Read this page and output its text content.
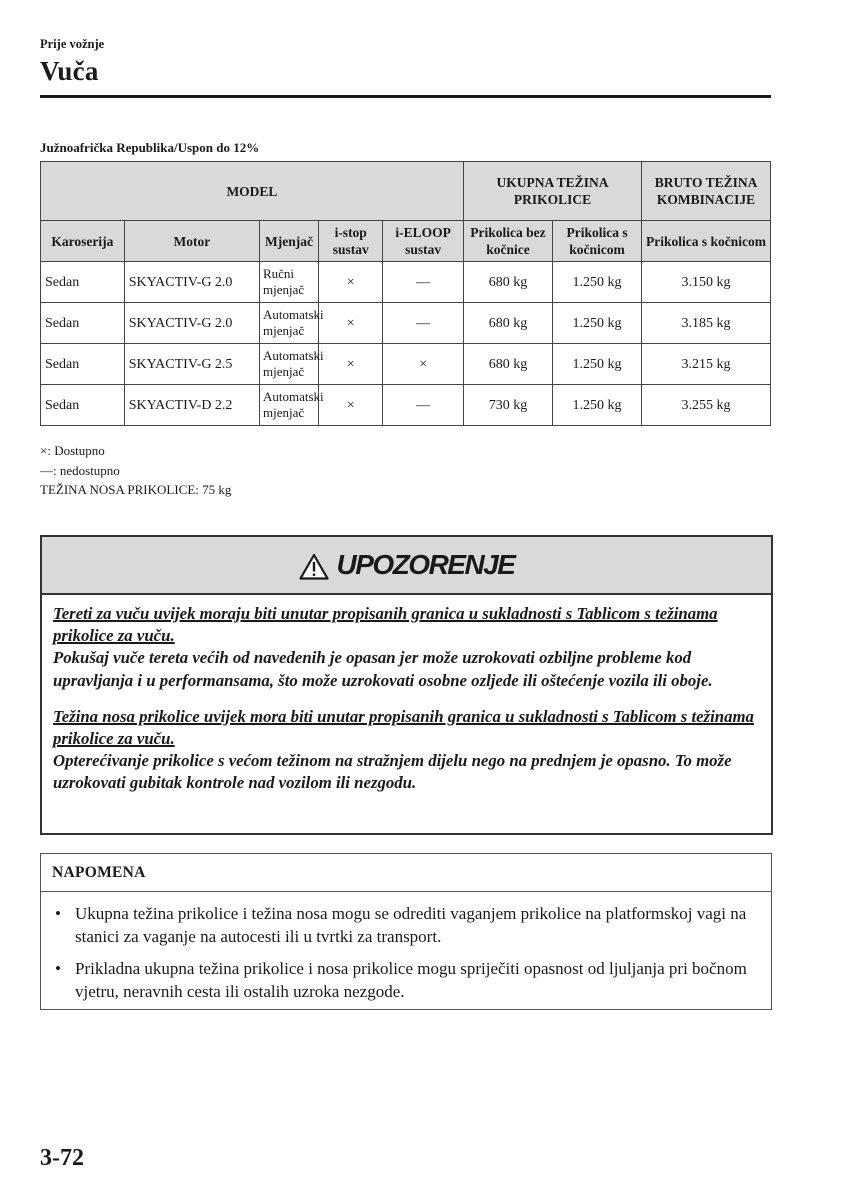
Prije vožnje
Vuča
Južnoafrička Republika/Uspon do 12%
MODEL					UKUPNA TEŽINA PRIKOLICE		BRUTO TEŽINA KOMBINACIJE
Karoserija	Motor	Mjenjač	i-stop sustav	i-ELOOP sustav	Prikolica bez kočnice	Prikolica s kočnicom	Prikolica s kočnicom
Sedan	SKYACTIV-G 2.0	Ručni mjenjač	×	—	680 kg	1.250 kg	3.150 kg
Sedan	SKYACTIV-G 2.0	Automatski mjenjač	×	—	680 kg	1.250 kg	3.185 kg
Sedan	SKYACTIV-G 2.5	Automatski mjenjač	×	×	680 kg	1.250 kg	3.215 kg
Sedan	SKYACTIV-D 2.2	Automatski mjenjač	×	—	730 kg	1.250 kg	3.255 kg
×: Dostupno
—: nedostupno
TEŽINA NOSA PRIKOLICE: 75 kg
UPOZORENJE

Tereti za vuču uvijek moraju biti unutar propisanih granica u sukladnosti s Tablicom s težinama prikolice za vuču.

Pokušaj vuče tereta većih od navedenih je opasan jer može uzrokovati ozbiljne probleme kod upravljanja i u performansama, što može uzrokovati osobne ozljede ili oštećenje vozila ili oboje.

Težina nosa prikolice uvijek mora biti unutar propisanih granica u sukladnosti s Tablicom s težinama prikolice za vuču.

Opterećivanje prikolice s većom težinom na stražnjem dijelu nego na prednjem je opasno. To može uzrokovati gubitak kontrole nad vozilom ili nezgodu.

NAPOMENA
• Ukupna težina prikolice i težina nosa mogu se odrediti vaganjem prikolice na platformskoj vagi na stanici za vaganje na autocesti ili u tvrtki za transport.
• Prikladna ukupna težina prikolice i nosa prikolice mogu spriječiti opasnost od ljuljanja pri bočnom vjetru, neravnih cesta ili ostalih uzroka nezgode.
3-72
